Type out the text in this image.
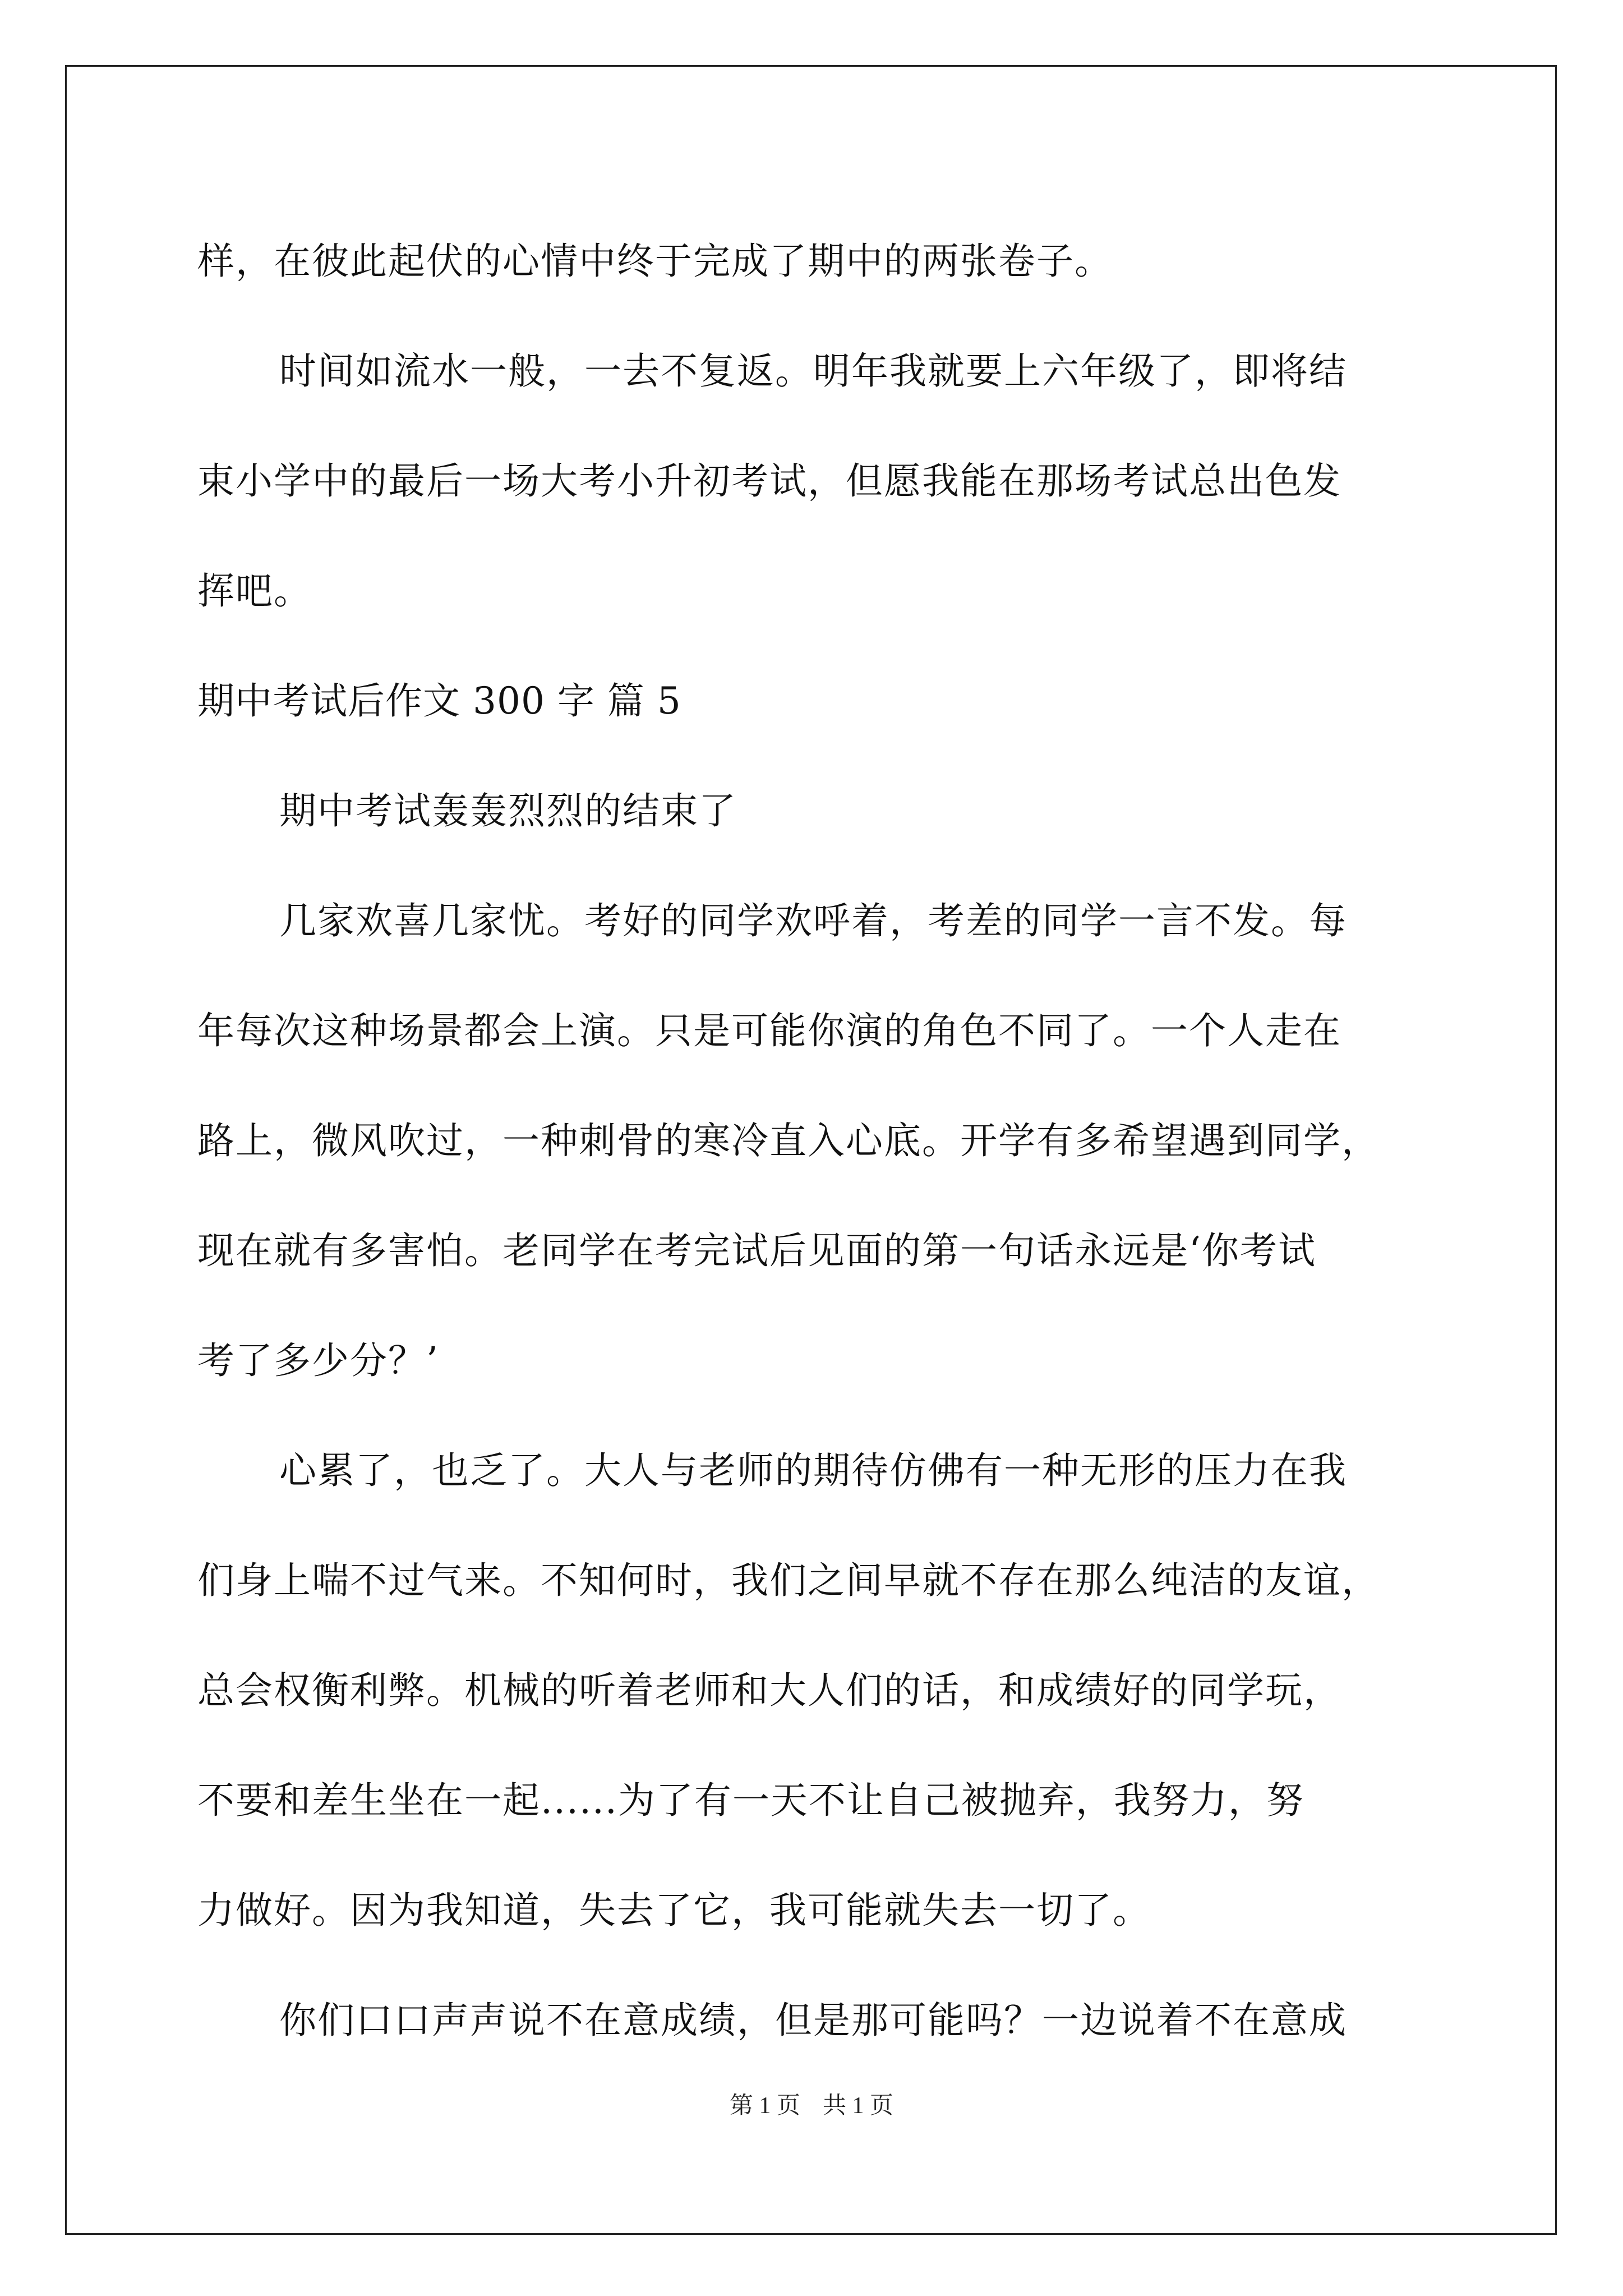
样，在彼此起伏的心情中终于完成了期中的两张卷子。
时间如流水一般，一去不复返。明年我就要上六年级了，即将结
束小学中的最后一场大考小升初考试，但愿我能在那场考试总出色发
挥吧。
期中考试后作文 300 字 篇 5
期中考试轰轰烈烈的结束了
几家欢喜几家忧。考好的同学欢呼着，考差的同学一言不发。每
年每次这种场景都会上演。只是可能你演的角色不同了。一个人走在
路上，微风吹过，一种刺骨的寒冷直入心底。开学有多希望遇到同学，
现在就有多害怕。老同学在考完试后见面的第一句话永远是‘你考试
考了多少分？’
心累了，也乏了。大人与老师的期待仿佛有一种无形的压力在我
们身上喘不过气来。不知何时，我们之间早就不存在那么纯洁的友谊，
总会权衡利弊。机械的听着老师和大人们的话，和成绩好的同学玩，
不要和差生坐在一起......为了有一天不让自己被抛弃，我努力，努
力做好。因为我知道，失去了它，我可能就失去一切了。
你们口口声声说不在意成绩，但是那可能吗？一边说着不在意成
第 1 页 共 1 页
